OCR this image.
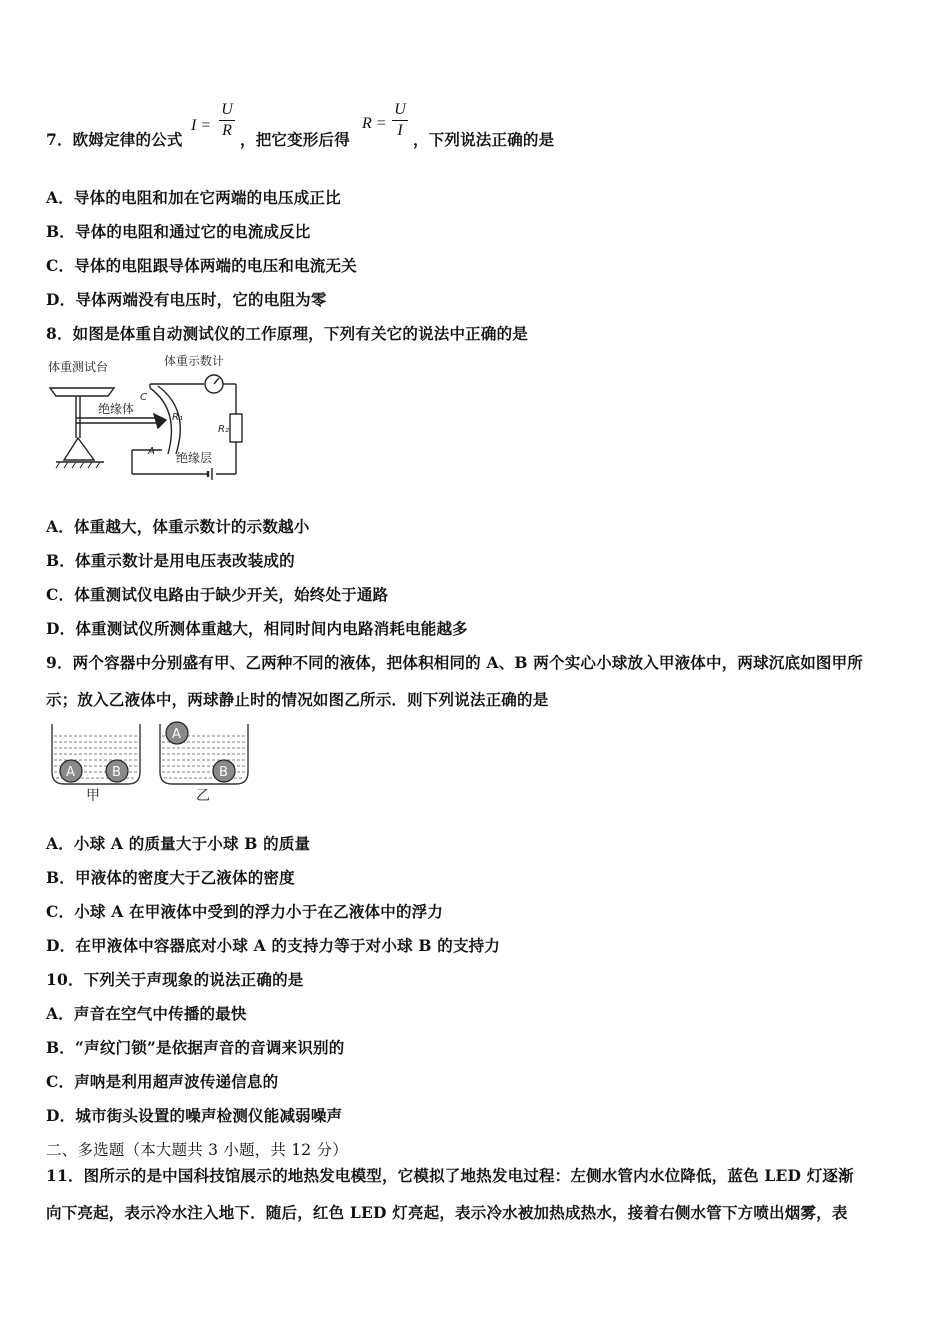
7．欧姆定律的公式
I =
U
R ，把它变形后得
R =
U
I ，下列说法正确的是
A．导体的电阻和加在它两端的电压成正比
B．导体的电阻和通过它的电流成反比
C．导体的电阻跟导体两端的电压和电流无关
D．导体两端没有电压时，它的电阻为零
8．如图是体重自动测试仪的工作原理，下列有关它的说法中正确的是
体重测试台	体重示数计
绝缘体
绝缘层
R₁
R₂
C
A
A．体重越大，体重示数计的示数越小
B．体重示数计是用电压表改装成的
C．体重测试仪电路由于缺少开关，始终处于通路
D．体重测试仪所测体重越大，相同时间内电路消耗电能越多
9．两个容器中分别盛有甲、乙两种不同的液体，把体积相同的 A、B 两个实心小球放入甲液体中，两球沉底如图甲所
示；放入乙液体中，两球静止时的情况如图乙所示．则下列说法正确的是
A	B
A
B
甲	乙
A．小球 A 的质量大于小球 B 的质量
B．甲液体的密度大于乙液体的密度
C．小球 A 在甲液体中受到的浮力小于在乙液体中的浮力
D．在甲液体中容器底对小球 A 的支持力等于对小球 B 的支持力
10．下列关于声现象的说法正确的是
A．声音在空气中传播的最快
B．“声纹门锁”是依据声音的音调来识别的
C．声呐是利用超声波传递信息的
D．城市街头设置的噪声检测仪能减弱噪声
二、多选题（本大题共 3 小题，共 12 分）
11．图所示的是中国科技馆展示的地热发电模型，它模拟了地热发电过程：左侧水管内水位降低，蓝色 LED 灯逐渐
向下亮起，表示冷水注入地下．随后，红色 LED 灯亮起，表示冷水被加热成热水，接着右侧水管下方喷出烟雾，表
